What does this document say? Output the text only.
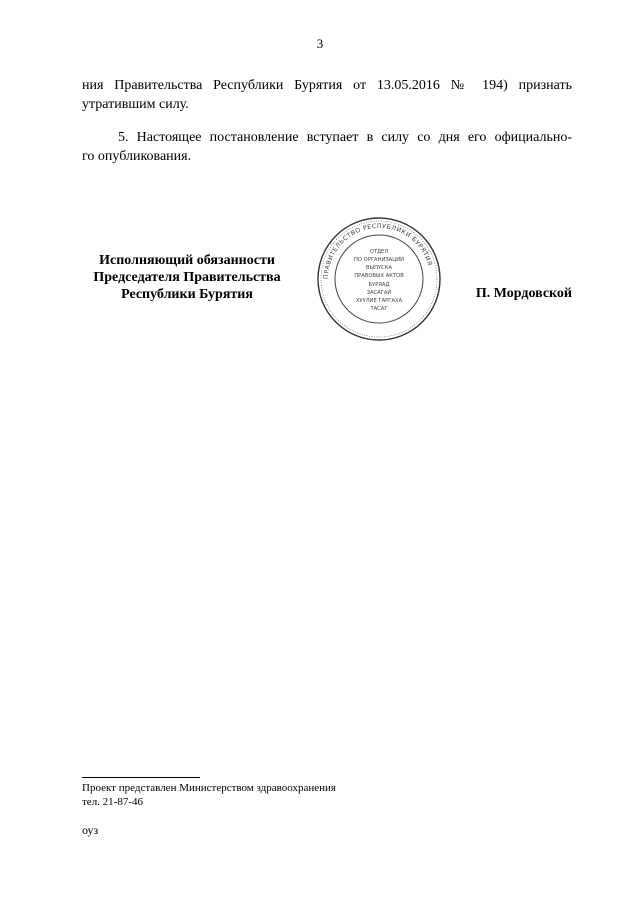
3
ния Правительства Республики Бурятия от 13.05.2016 № 194) признать
утратившим силу.
5. Настоящее постановление вступает в силу со дня его официально-
го опубликования.
Исполняющий обязанности
Председателя Правительства
Республики Бурятия
ПРАВИТЕЛЬСТВО РЕСПУБЛИКИ БУРЯТИЯ
ОТДЕЛ
ПО ОРГАНИЗАЦИИ
ВЫПУСКА
ПРАВОВЫХ АКТОВ
БУРЯАД
ЗАСАГАЙ
ХУУЛИЕ ГАРГАХА
ТАСАГ
П. Мордовской
Проект представлен Министерством здравоохранения
тел. 21-87-46
оуз
